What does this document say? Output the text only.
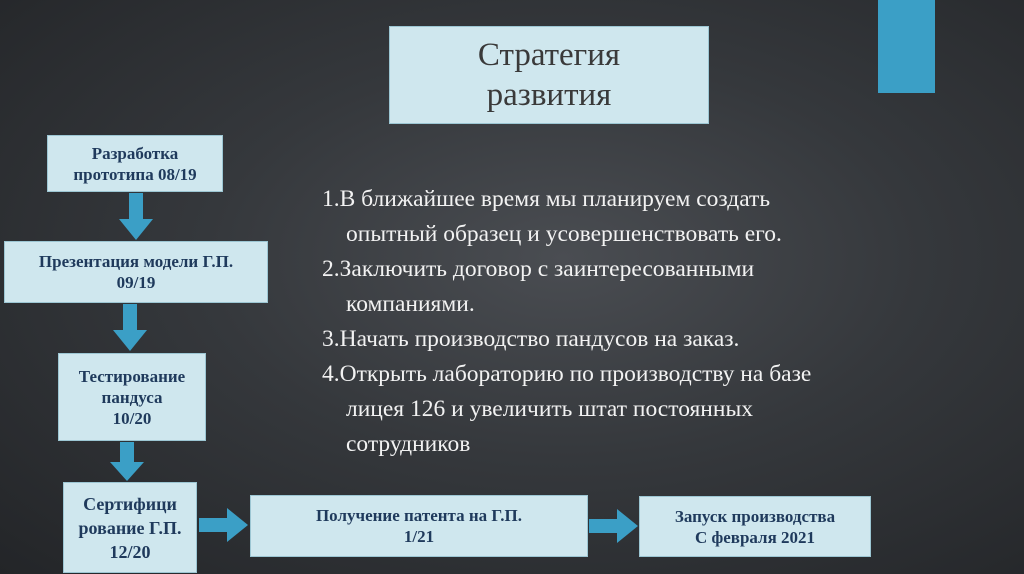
Стратегия
развития
Разработка
прототипа 08/19
Презентация модели Г.П.
09/19
Тестирование
пандуса
10/20
Сертифици
рование Г.П.
12/20
Получение патента на Г.П.
1/21
Запуск производства
С февраля 2021
1.В ближайшее время мы планируем создать
опытный образец и усовершенствовать его.
2.Заключить договор с заинтересованными
компаниями.
3.Начать производство пандусов на заказ.
4.Открыть лабораторию по производству на базе
лицея 126 и увеличить штат постоянных
сотрудников
